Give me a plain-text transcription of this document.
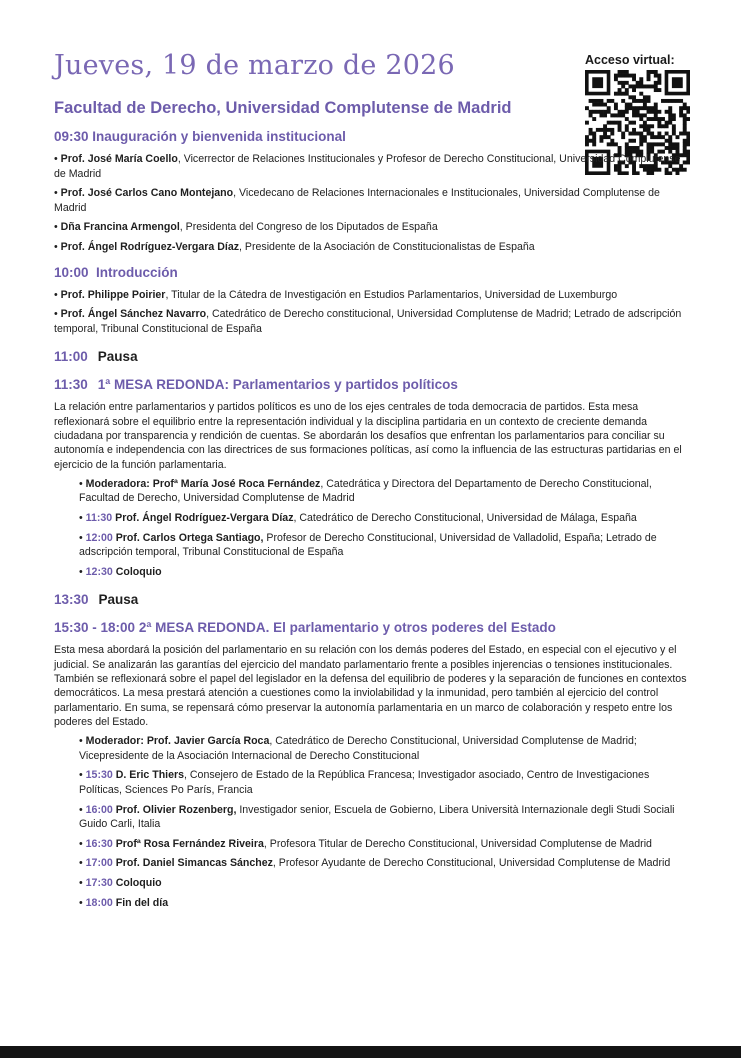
Jueves, 19 de marzo de 2026
Facultad de Derecho, Universidad Complutense de Madrid
Acceso virtual:
09:30 Inauguración y bienvenida institucional
• Prof. José María Coello, Vicerrector de Relaciones Institucionales y Profesor de Derecho Constitucional, Universidad Complutense de Madrid
• Prof. José Carlos Cano Montejano, Vicedecano de Relaciones Internacionales e Institucionales, Universidad Complutense de Madrid
• Dña Francina Armengol, Presidenta del Congreso de los Diputados de España
• Prof. Ángel Rodríguez-Vergara Díaz, Presidente de la Asociación de Constitucionalistas de España
10:00 Introducción
• Prof. Philippe Poirier, Titular de la Cátedra de Investigación en Estudios Parlamentarios, Universidad de Luxemburgo
• Prof. Ángel Sánchez Navarro, Catedrático de Derecho constitucional, Universidad Complutense de Madrid; Letrado de adscripción temporal, Tribunal Constitucional de España
11:00 Pausa
11:30 1ª MESA REDONDA: Parlamentarios y partidos políticos
La relación entre parlamentarios y partidos políticos es uno de los ejes centrales de toda democracia de partidos. Esta mesa reflexionará sobre el equilibrio entre la representación individual y la disciplina partidaria en un contexto de creciente demanda ciudadana por transparencia y rendición de cuentas. Se abordarán los desafíos que enfrentan los parlamentarios para conciliar su autonomía e independencia con las directrices de sus formaciones políticas, así como la influencia de las estructuras partidarias en el ejercicio de la función parlamentaria.
• Moderadora: Profª María José Roca Fernández, Catedrática y Directora del Departamento de Derecho Constitucional, Facultad de Derecho, Universidad Complutense de Madrid
• 11:30 Prof. Ángel Rodríguez-Vergara Díaz, Catedrático de Derecho Constitucional, Universidad de Málaga, España
• 12:00 Prof. Carlos Ortega Santiago, Profesor de Derecho Constitucional, Universidad de Valladolid, España; Letrado de adscripción temporal, Tribunal Constitucional de España
• 12:30 Coloquio
13:30 Pausa
15:30 - 18:00 2ª MESA REDONDA. El parlamentario y otros poderes del Estado
Esta mesa abordará la posición del parlamentario en su relación con los demás poderes del Estado, en especial con el ejecutivo y el judicial. Se analizarán las garantías del ejercicio del mandato parlamentario frente a posibles injerencias o tensiones institucionales. También se reflexionará sobre el papel del legislador en la defensa del equilibrio de poderes y la separación de funciones en contextos democráticos. La mesa prestará atención a cuestiones como la inviolabilidad y la inmunidad, pero también al ejercicio del control parlamentario. En suma, se repensará cómo preservar la autonomía parlamentaria en un marco de colaboración y respeto entre los poderes del Estado.
• Moderador: Prof. Javier García Roca, Catedrático de Derecho Constitucional, Universidad Complutense de Madrid; Vicepresidente de la Asociación Internacional de Derecho Constitucional
• 15:30 D. Eric Thiers, Consejero de Estado de la República Francesa; Investigador asociado, Centro de Investigaciones Políticas, Sciences Po París, Francia
• 16:00 Prof. Olivier Rozenberg, Investigador senior, Escuela de Gobierno, Libera Università Internazionale degli Studi Sociali Guido Carli, Italia
• 16:30 Profª Rosa Fernández Riveira, Profesora Titular de Derecho Constitucional, Universidad Complutense de Madrid
• 17:00 Prof. Daniel Simancas Sánchez, Profesor Ayudante de Derecho Constitucional, Universidad Complutense de Madrid
• 17:30 Coloquio
• 18:00 Fin del día
